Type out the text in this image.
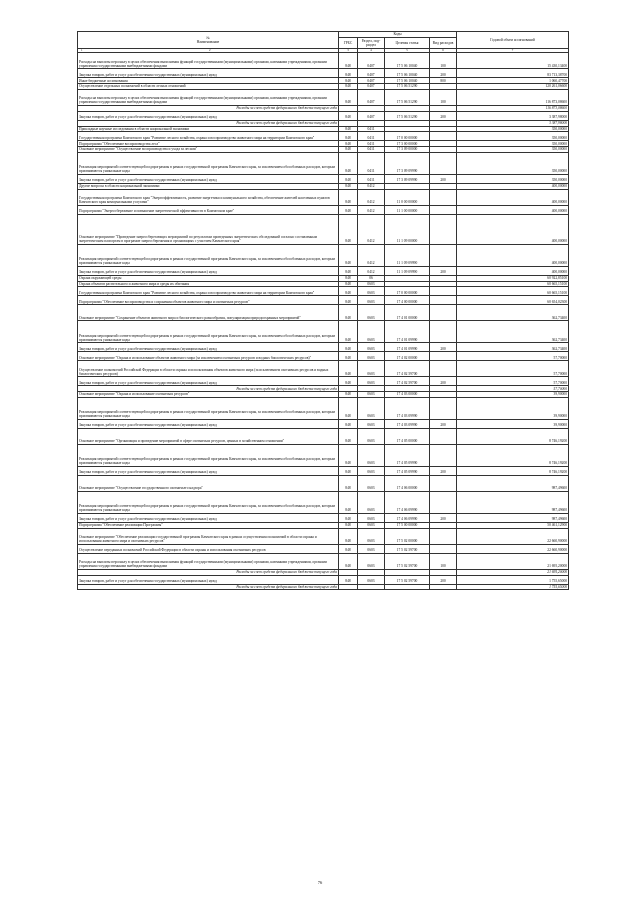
№
Наименование	Коды				Годовой объем ассигнований
	ГРБС	Раздел, под- раздел	Целевая статья	Вид расходов	

1 2	3	4	5	6	7
Расходы на выплаты персоналу в целях обеспечения выполнения функций государственными (муниципальными) органами, казенными учреждениями, органами управления государственными внебюджетными фондами	848	0407	17 5 06 10040	100	15 430,13400
Закупка товаров, работ и услуг для обеспечения государственных (муниципальных) нужд	848	0407	17 5 06 10040	200	83 713,38700
Иные бюджетные ассигнования	848	0407	17 5 06 10040	800	1 060,47700
Осуществление отдельных полномочий в области лесных отношений	848	0407	17 5 06 51290		120 261,06600
Расходы на выплаты персоналу в целях обеспечения выполнения функций государственными (муниципальными) органами, казенными учреждениями, органами управления государственными внебюджетными фондами	848	0407	17 5 06 51290	100	116 873,08600
Расходы за счет средств федерального бюджета текущего года					116 873,08600
Закупка товаров, работ и услуг для обеспечения государственных (муниципальных) нужд	848	0407	17 5 06 51290	200	3 387,98000
Расходы за счет средств федерального бюджета текущего года					3 387,98000
Прикладные научные исследования в области национальной экономики	848	0411			350,00000
Государственная программа Камчатского края "Развитие лесного хозяйства, охрана и воспроизводство животного мира на территории Камчатского края"	848	0411	17 0 00 00000		350,00000
Подпрограмма "Обеспечение воспроизводства леса"	848	0411	17 3 00 00000		350,00000
Основное мероприятие "Осуществление воспроизводства и ухода за лесами"	848	0411	17 3 09 00000		350,00000
Реализация мероприятий соответствующей подпрограммы в рамках государственной программы Камчатского края, за исключением обособленных расходов, которым присваиваются уникальные коды	848	0411	17 3 09 09990		350,00000
Закупка товаров, работ и услуг для обеспечения государственных (муниципальных) нужд	848	0411	17 3 09 09990	200	350,00000
Другие вопросы в области национальной экономики	848	0412			400,00000
Государственная программа Камчатского края "Энергоэффективность, развитие энергетики и коммунального хозяйства, обеспечение жителей населенных пунктов Камчатского края коммунальными услугами"	848	0412	11 0 00 00000		400,00000
Подпрограмма "Энергосбережение и повышение энергетической эффективности в Камчатском крае"	848	0412	11 1 00 00000		400,00000
Основное мероприятие "Проведение энергосберегающих мероприятий по результатам проведенных энергетических обследований согласно составленным энергетическим паспортам в программе энергосбережения и организациях с участием Камчатского края"	848	0412	11 1 09 00000		400,00000
Реализация мероприятий соответствующей подпрограммы в рамках государственной программы Камчатского края, за исключением обособленных расходов, которым присваиваются уникальные коды	848	0412	11 1 09 09990		400,00000
Закупка товаров, работ и услуг для обеспечения государственных (муниципальных) нужд	848	0412	11 1 09 09990	200	400,00000
Охрана окружающей среды	848	06			60 922,85100
Охрана объектов растительного и животного мира и среды их обитания	848	0603			60 665,15100
Государственная программа Камчатского края "Развитие лесного хозяйства, охрана и воспроизводство животного мира на территории Камчатского края"	848	0603	17 0 00 00000		60 665,15100
Подпрограмма "Обеспечение воспроизводства и сохранения объектов животного мира и охотничьих ресурсов"	848	0603	17 4 00 00000		60 654,02300
Основное мероприятие "Сохранение объектов животного мира и биологического разнообразия, популяризация природоохранных мероприятий"	848	0603	17 4 01 00000		362,73400
Реализация мероприятий соответствующей подпрограммы в рамках государственной программы Камчатского края, за исключением обособленных расходов, которым присваиваются уникальные коды	848	0603	17 4 01 09990		362,73400
Закупка товаров, работ и услуг для обеспечения государственных (муниципальных) нужд	848	0603	17 4 01 09990	200	362,73400
Основное мероприятие "Охрана и использование объектов животного мира (за исключением охотничьих ресурсов и водных биологических ресурсов)"	848	0603	17 4 02 00000		57,70000
Осуществление полномочий Российской Федерации в области охраны и использования объектов животного мира (за исключением охотничьих ресурсов и водных биологических ресурсов)	848	0603	17 4 02 59700		57,70000
Закупка товаров, работ и услуг для обеспечения государственных (муниципальных) нужд	848	0603	17 4 02 59700	200	57,70000
Расходы за счет средств федерального бюджета текущего года					57,70000
Основное мероприятие "Охрана и использование охотничьих ресурсов"	848	0603	17 4 03 00000		39,90000
Реализация мероприятий соответствующей подпрограммы в рамках государственной программы Камчатского края, за исключением обособленных расходов, которым присваиваются уникальные коды	848	0603	17 4 03 09990		39,90000
Закупка товаров, работ и услуг для обеспечения государственных (муниципальных) нужд	848	0603	17 4 03 09990	200	39,90000
Основное мероприятие "Организация и проведение мероприятий в сфере охотничьих ресурсов, ценных в хозяйственном отношении"	848	0603	17 4 05 00000		8 746,19200
Реализация мероприятий соответствующей подпрограммы в рамках государственной программы Камчатского края, за исключением обособленных расходов, которым присваиваются уникальные коды	848	0603	17 4 05 09990		8 746,19200
Закупка товаров, работ и услуг для обеспечения государственных (муниципальных) нужд	848	0603	17 4 05 09990	200	8 746,19200
Основное мероприятие "Осуществление государственного охотничьего надзора"	848	0603	17 4 06 00000		987,49600
Реализация мероприятий соответствующей подпрограммы в рамках государственной программы Камчатского края, за исключением обособленных расходов, которым присваиваются уникальные коды	848	0603	17 4 06 09990		987,49600
Закупка товаров, работ и услуг для обеспечения государственных (муниципальных) нужд	848	0603	17 4 06 09990	200	987,49600
Подпрограмма "Обеспечение реализации Программы"	848	0603	17 5 00 00000		50 461,12900
Основное мероприятие "Обеспечение реализации государственной программы Камчатского края в рамках осуществления полномочий в области охраны и использования животного мира и охотничьих ресурсов"	848	0603	17 5 02 00000		22 660,90000
Осуществление переданных полномочий Российской Федерации в области охраны и использования охотничьих ресурсов	848	0603	17 5 02 59700		22 660,90000
Расходы на выплаты персоналу в целях обеспечения выполнения функций государственными (муниципальными) органами, казенными учреждениями, органами управления государственными внебюджетными фондами	848	0603	17 5 02 59700	100	21 695,20000
Расходы за счет средств федерального бюджета текущего года					21 695,20000
Закупка товаров, работ и услуг для обеспечения государственных (муниципальных) нужд	848	0603	17 5 02 59700	200	1 755,65000
Расходы за счет средств федерального бюджета текущего года					1 755,65000
76
